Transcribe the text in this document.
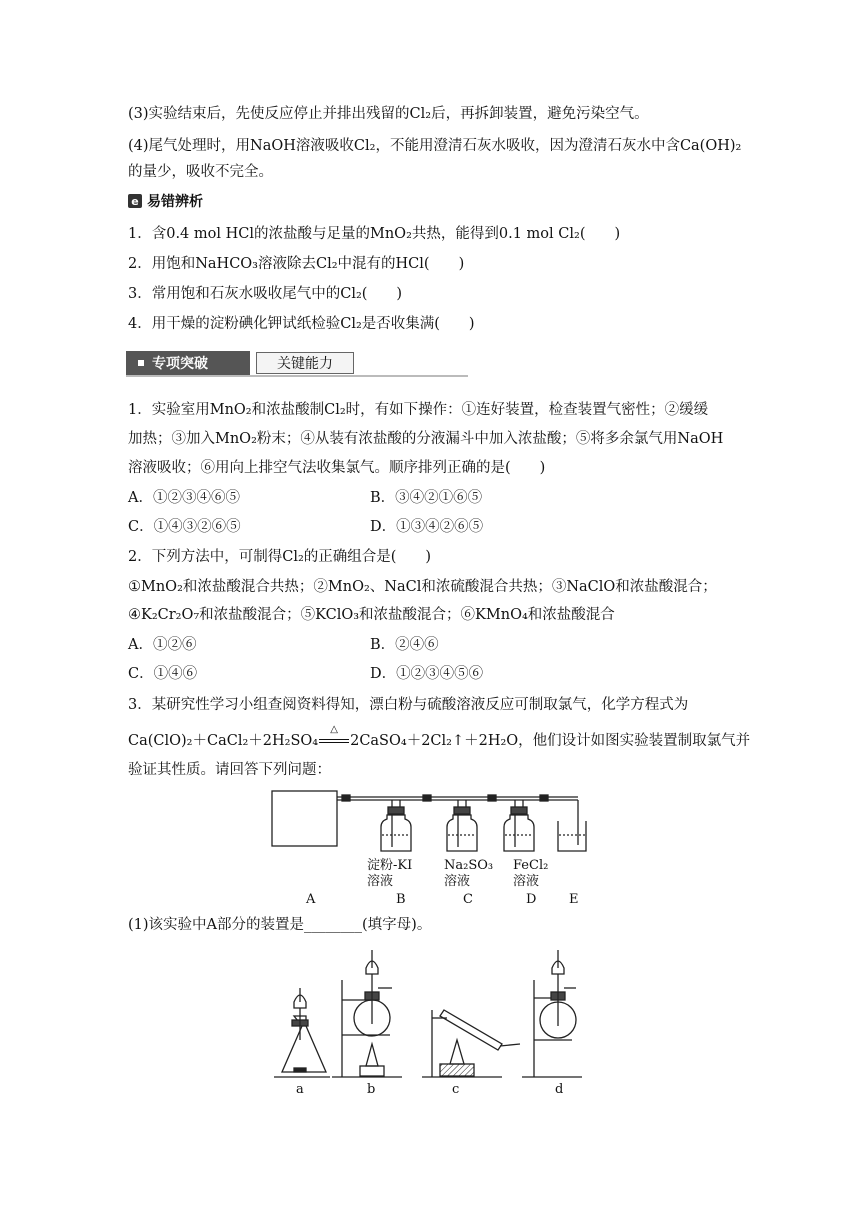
(3)实验结束后，先使反应停止并排出残留的Cl₂后，再拆卸装置，避免污染空气。
(4)尾气处理时，用NaOH溶液吸收Cl₂，不能用澄清石灰水吸收，因为澄清石灰水中含Ca(OH)₂
的量少，吸收不完全。
e 易错辨析
1．含0.4 mol HCl的浓盐酸与足量的MnO₂共热，能得到0.1 mol Cl₂(　　)
2．用饱和NaHCO₃溶液除去Cl₂中混有的HCl(　　)
3．常用饱和石灰水吸收尾气中的Cl₂(　　)
4．用干燥的淀粉碘化钾试纸检验Cl₂是否收集满(　　)
专项突破	关键能力
1．实验室用MnO₂和浓盐酸制Cl₂时，有如下操作：①连好装置，检查装置气密性；②缓缓
加热；③加入MnO₂粉末；④从装有浓盐酸的分液漏斗中加入浓盐酸；⑤将多余氯气用NaOH
溶液吸收；⑥用向上排空气法收集氯气。顺序排列正确的是(　　)
A．①②③④⑥⑤	B．③④②①⑥⑤
C．①④③②⑥⑤	D．①③④②⑥⑤
2．下列方法中，可制得Cl₂的正确组合是(　　)
①MnO₂和浓盐酸混合共热；②MnO₂、NaCl和浓硫酸混合共热；③NaClO和浓盐酸混合；
④K₂Cr₂O₇和浓盐酸混合；⑤KClO₃和浓盐酸混合；⑥KMnO₄和浓盐酸混合
A．①②⑥	B．②④⑥
C．①④⑥	D．①②③④⑤⑥
3．某研究性学习小组查阅资料得知，漂白粉与硫酸溶液反应可制取氯气，化学方程式为
Ca(ClO)₂＋CaCl₂＋2H₂SO₄
△
2CaSO₄＋2Cl₂↑＋2H₂O，他们设计如图实验装置制取氯气并
验证其性质。请回答下列问题：
淀粉-KI
溶液
Na₂SO₃
溶液
FeCl₂
溶液
A	B	C	D	E
(1)该实验中A部分的装置是________(填字母)。
a	b	c	d
